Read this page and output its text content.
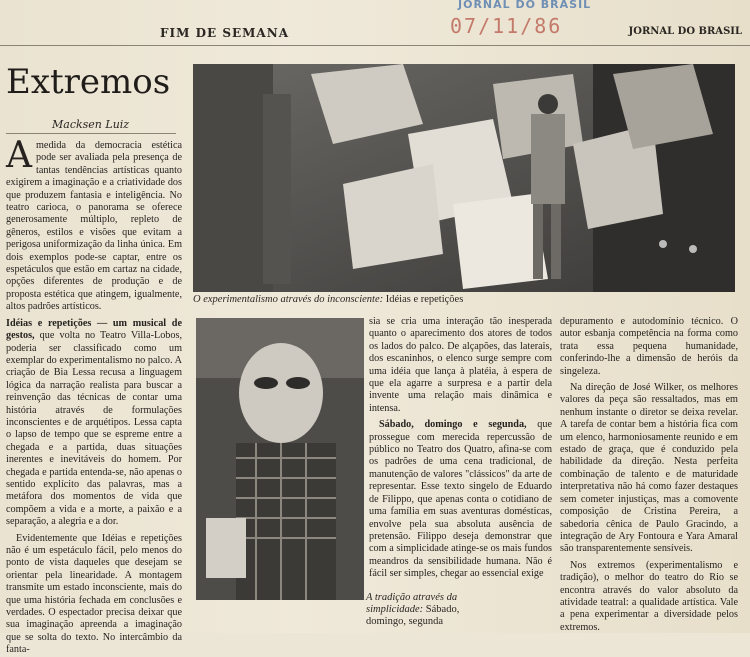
JORNAL DO BRASIL
07/11/86
FIM DE SEMANA	JORNAL DO BRASIL
Extremos
Macksen Luiz

Amedida da democracia estética pode ser avaliada pela presença de tantas tendências artísticas quanto exigirem a imaginação e a criatividade dos que produzem fantasia e inteligência. No teatro carioca, o panorama se oferece generosamente múltiplo, repleto de gêneros, estilos e visões que evitam a perigosa uniformização da linha única. Em dois exemplos pode-se captar, entre os espetáculos que estão em cartaz na cidade, opções diferentes de produção e de proposta estética que atingem, igualmente, altos padrões artísticos.

Idéias e repetições — um musical de gestos, que volta no Teatro Villa-Lobos, poderia ser classificado como um exemplar do experimentalismo no palco. A criação de Bia Lessa recusa a linguagem lógica da narração realista para buscar a reinvenção das técnicas de contar uma história através de formulações inconscientes e de arquétipos. Lessa capta o lapso de tempo que se espreme entre a chegada e a partida, duas situações inerentes e inevitáveis do homem. Por chegada e partida entenda-se, não apenas o sentido explícito das palavras, mas a metáfora dos momentos de vida que compõem a vida e a morte, a paixão e a separação, a alegria e a dor.

Evidentemente que Idéias e repetições não é um espetáculo fácil, pelo menos do ponto de vista daqueles que desejam se orientar pela linearidade. A montagem transmite um estado inconsciente, mais do que uma história fechada em conclusões e verdades. O espectador precisa deixar que sua imaginação apreenda a imaginação que se solta do texto. No intercâmbio da fanta-

O experimentalismo através do inconsciente: Idéias e repetições
A tradição através da simplicidade: Sábado, domingo, segunda

sia se cria uma interação tão inesperada quanto o aparecimento dos atores de todos os lados do palco. De alçapões, das laterais, dos escaninhos, o elenco surge sempre com uma idéia que lança à platéia, à espera de que ela agarre a surpresa e a partir dela invente uma relação mais dinâmica e intensa.

Sábado, domingo e segunda, que prossegue com merecida repercussão de público no Teatro dos Quatro, afina-se com os padrões de uma cena tradicional, de manutenção de valores "clássicos" da arte de representar. Esse texto singelo de Eduardo de Filippo, que apenas conta o cotidiano de uma família em suas aventuras domésticas, envolve pela sua absoluta ausência de pretensão. Filippo deseja demonstrar que com a simplicidade atinge-se os mais fundos meandros da sensibilidade humana. Não é fácil ser simples, chegar ao essencial exige

depuramento e autodomínio técnico. O autor esbanja competência na forma como trata essa pequena humanidade, conferindo-lhe a dimensão de heróis da singeleza.

Na direção de José Wilker, os melhores valores da peça são ressaltados, mas em nenhum instante o diretor se deixa revelar. A tarefa de contar bem a história fica com um elenco, harmoniosamente reunido e em estado de graça, que é conduzido pela habilidade da direção. Nesta perfeita combinação de talento e de maturidade interpretativa não há como fazer destaques sem cometer injustiças, mas a comovente composição de Cristina Pereira, a sabedoria cênica de Paulo Gracindo, a integração de Ary Fontoura e Yara Amaral são transparentemente sensíveis.

Nos extremos (experimentalismo e tradição), o melhor do teatro do Rio se encontra através do valor absoluto da atividade teatral: a qualidade artística. Vale a pena experimentar a diversidade pelos extremos.
